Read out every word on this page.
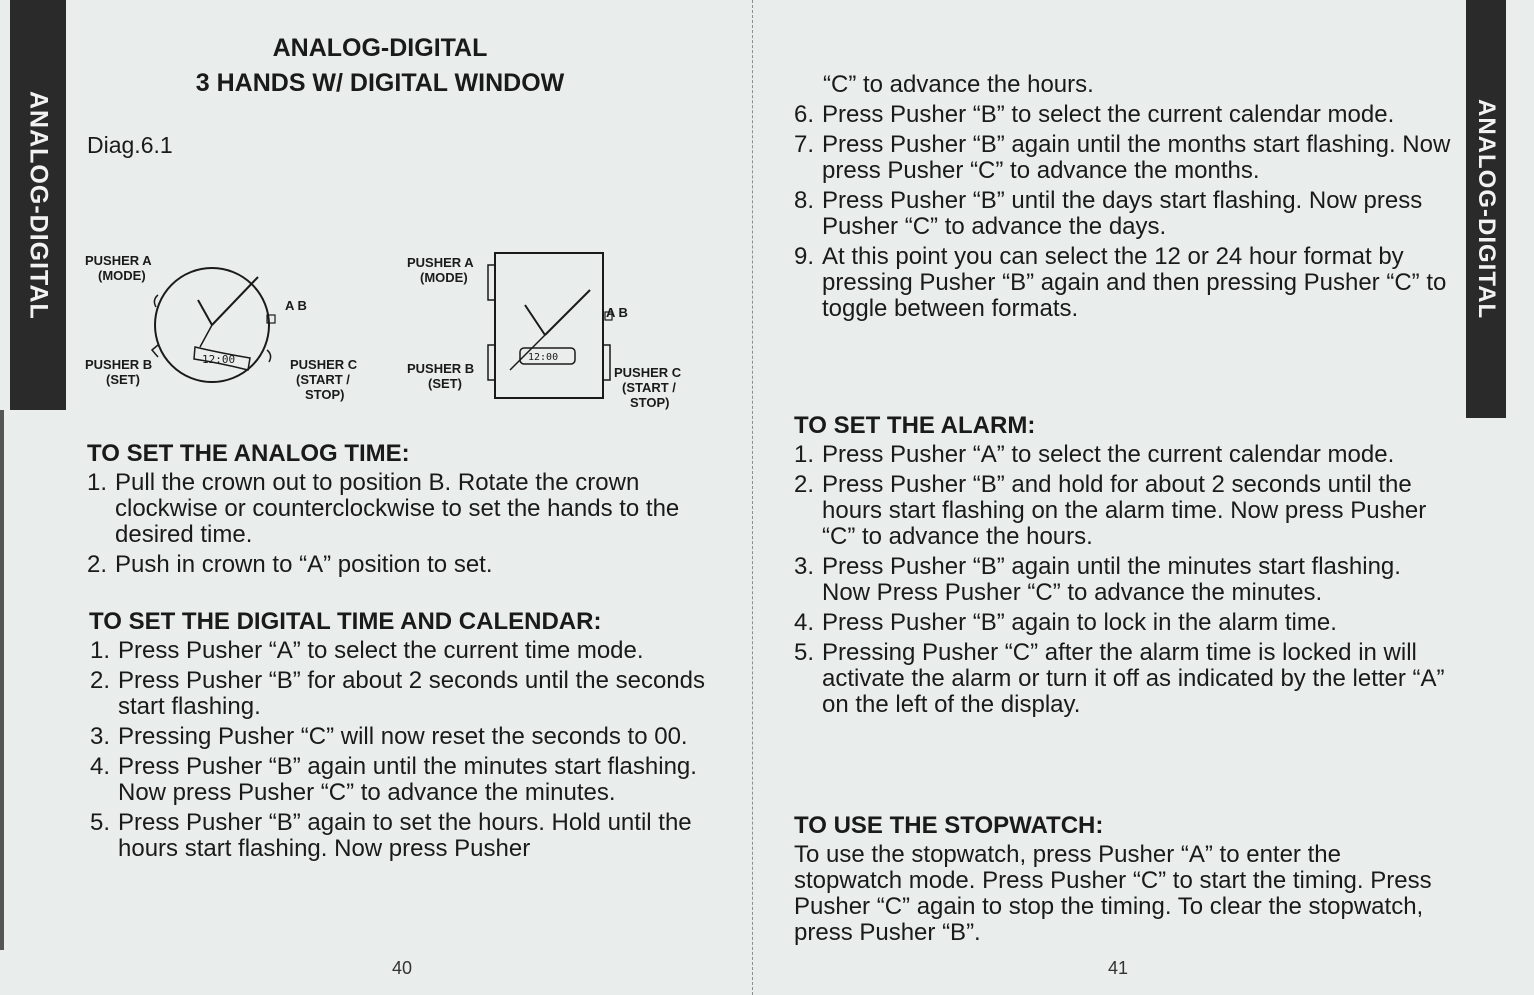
ANALOG-DIGITAL
ANALOG-DIGITAL
3 HANDS W/ DIGITAL WINDOW
Diag.6.1
PUSHER A
(MODE)
PUSHER B
(SET)
PUSHER C
(START /
STOP)
A B
12:00
PUSHER A
(MODE)
PUSHER B
(SET)
PUSHER C
(START /
STOP)
A B
12:00
TO SET THE ANALOG TIME:
1. Pull the crown out to position B. Rotate the crown clockwise or counterclockwise to set the hands to the desired time.
2. Push in crown to “A” position to set.
TO SET THE DIGITAL TIME AND CALENDAR:
1. Press Pusher “A” to select the current time mode.
2. Press Pusher “B” for about 2 seconds until the seconds start flashing.
3. Pressing Pusher “C” will now reset the seconds to 00.
4. Press Pusher “B” again until the minutes start flashing. Now press Pusher “C” to advance the minutes.
5. Press Pusher “B” again to set the hours. Hold until the hours start flashing. Now press Pusher
40
“C” to advance the hours.
6. Press Pusher “B” to select the current calendar mode.
7. Press Pusher “B” again until the months start flashing. Now press Pusher “C” to advance the months.
8. Press Pusher “B” until the days start flashing. Now press Pusher “C” to advance the days.
9. At this point you can select the 12 or 24 hour format by pressing Pusher “B” again and then pressing Pusher “C” to toggle between formats.
TO SET THE ALARM:
1. Press Pusher “A” to select the current calendar mode.
2. Press Pusher “B” and hold for about 2 seconds until the hours start flashing on the alarm time. Now press Pusher “C” to advance the hours.
3. Press Pusher “B” again until the minutes start flashing. Now Press Pusher “C” to advance the minutes.
4. Press Pusher “B” again to lock in the alarm time.
5. Pressing Pusher “C” after the alarm time is locked in will activate the alarm or turn it off as indicated by the letter “A” on the left of the display.
TO USE THE STOPWATCH:
To use the stopwatch, press Pusher “A” to enter the stopwatch mode. Press Pusher “C” to start the timing. Press Pusher “C” again to stop the timing. To clear the stopwatch, press Pusher “B”.
41
ANALOG-DIGITAL
